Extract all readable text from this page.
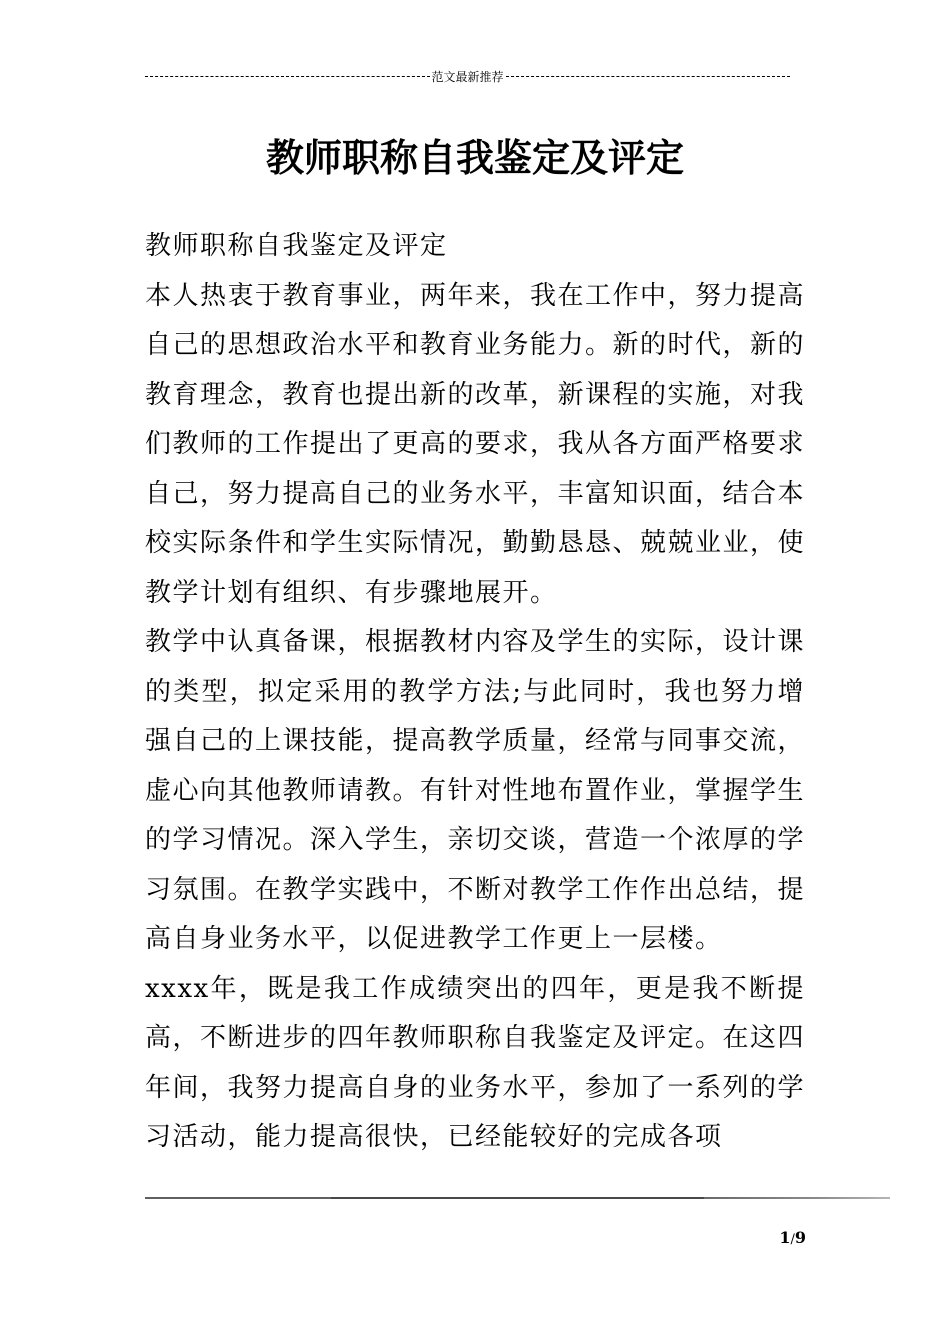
范文最新推荐
教师职称自我鉴定及评定

教师职称自我鉴定及评定

本人热衷于教育事业，两年来，我在工作中，努力提高自己的思想政治水平和教育业务能力。新的时代，新的教育理念，教育也提出新的改革，新课程的实施，对我们教师的工作提出了更高的要求，我从各方面严格要求自己，努力提高自己的业务水平，丰富知识面，结合本校实际条件和学生实际情况，勤勤恳恳、兢兢业业，使教学计划有组织、有步骤地展开。

教学中认真备课，根据教材内容及学生的实际，设计课的类型，拟定采用的教学方法;与此同时，我也努力增强自己的上课技能，提高教学质量，经常与同事交流，虚心向其他教师请教。有针对性地布置作业，掌握学生的学习情况。深入学生，亲切交谈，营造一个浓厚的学习氛围。在教学实践中，不断对教学工作作出总结，提高自身业务水平，以促进教学工作更上一层楼。

xxxx年，既是我工作成绩突出的四年，更是我不断提高，不断进步的四年教师职称自我鉴定及评定。在这四年间，我努力提高自身的业务水平，参加了一系列的学习活动，能力提高很快，已经能较好的完成各项

1/9
